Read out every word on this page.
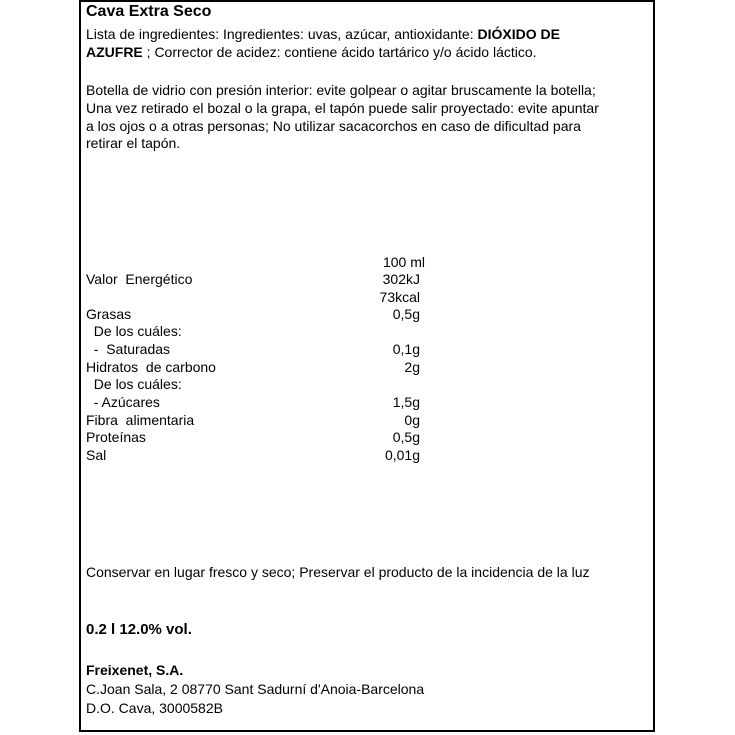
Cava Extra Seco
Lista de ingredientes: Ingredientes: uvas, azúcar, antioxidante: DIÓXIDO DE
AZUFRE ; Corrector de acidez: contiene ácido tartárico y/o ácido láctico.
Botella de vidrio con presión interior: evite golpear o agitar bruscamente la botella;
Una vez retirado el bozal o la grapa, el tapón puede salir proyectado: evite apuntar
a los ojos o a otras personas; No utilizar sacacorchos en caso de dificultad para
retirar el tapón.
100 ml
Valor  Energético	302kJ
73kcal
Grasas	0,5g
De los cuáles:
-  Saturadas	0,1g
Hidratos  de carbono	2g
De los cuáles:
- Azúcares	1,5g
Fibra  alimentaria	0g
Proteínas	0,5g
Sal	0,01g
Conservar en lugar fresco y seco; Preservar el producto de la incidencia de la luz
0.2 l 12.0% vol.
Freixenet, S.A.
C.Joan Sala, 2 08770 Sant Sadurní d'Anoia-Barcelona
D.O. Cava, 3000582B
